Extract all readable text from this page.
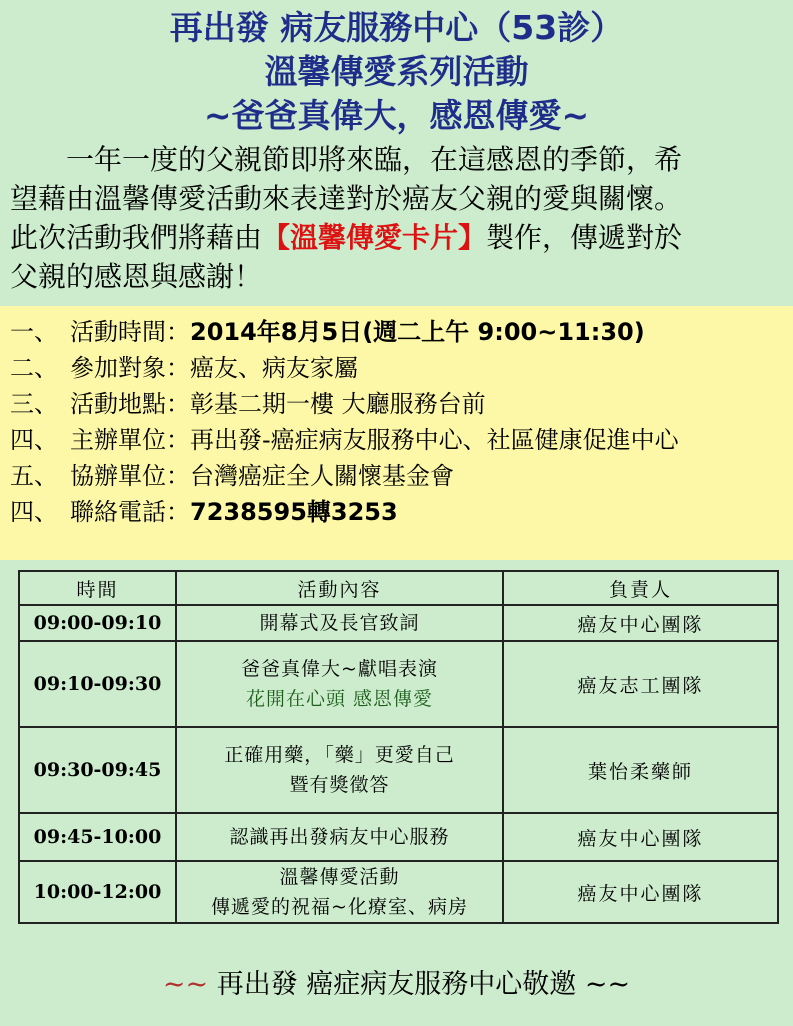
再出發 病友服務中心（53診）
溫馨傳愛系列活動
~爸爸真偉大，感恩傳愛~
一年一度的父親節即將來臨，在這感恩的季節，希
望藉由溫馨傳愛活動來表達對於癌友父親的愛與關懷。
此次活動我們將藉由【溫馨傳愛卡片】製作，傳遞對於
父親的感恩與感謝！
一、 活動時間： 2014年8月5日(週二上午 9:00~11:30)
二、 參加對象： 癌友、病友家屬
三、 活動地點： 彰基二期一樓 大廳服務台前
四、 主辦單位： 再出發-癌症病友服務中心、社區健康促進中心
五、 協辦單位： 台灣癌症全人關懷基金會
四、 聯絡電話： 7238595轉3253
時間	活動內容	負責人
09:00-09:10	開幕式及長官致詞	癌友中心團隊
09:10-09:30	爸爸真偉大~獻唱表演
花開在心頭 感恩傳愛	癌友志工團隊
09:30-09:45	正確用藥，「藥」更愛自己
暨有獎徵答	葉怡柔藥師
09:45-10:00	認識再出發病友中心服務	癌友中心團隊
10:00-12:00	溫馨傳愛活動
傳遞愛的祝福~化療室、病房	癌友中心團隊
~~ 再出發 癌症病友服務中心敬邀 ~~
